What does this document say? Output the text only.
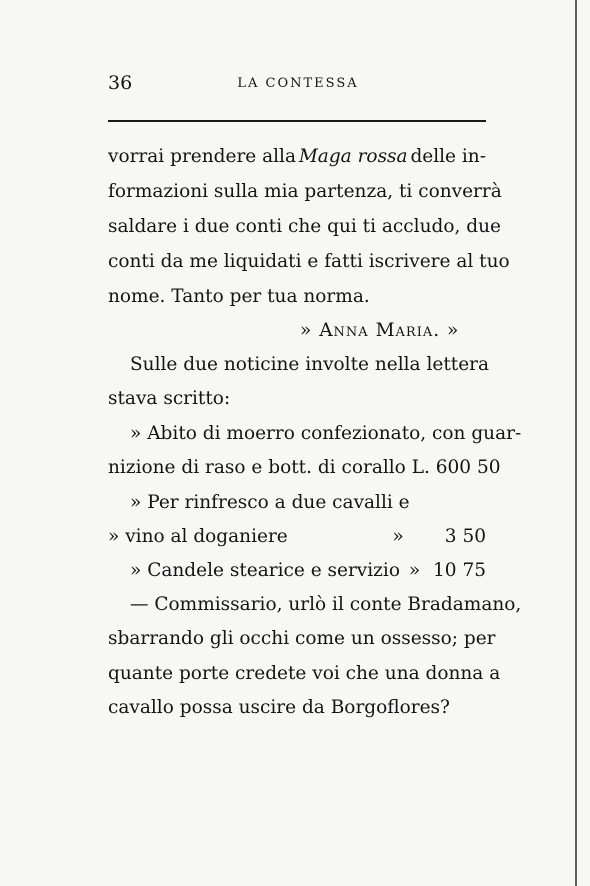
36	LA CONTESSA
vorrai prendere alla Maga rossa delle in-
formazioni sulla mia partenza, ti converrà
saldare i due conti che qui ti accludo, due
conti da me liquidati e fatti iscrivere al tuo
nome. Tanto per tua norma.
» Anna Maria. »
Sulle due noticine involte nella lettera
stava scritto:
» Abito di moerro confezionato, con guar-
nizione di raso e bott. di corallo L. 600 50
» Per rinfresco a due cavalli e
» vino al doganiere	»	3 50
» Candele stearice e servizio » 10 75
— Commissario, urlò il conte Bradamano,
sbarrando gli occhi come un ossesso; per
quante porte credete voi che una donna a
cavallo possa uscire da Borgoflores?
